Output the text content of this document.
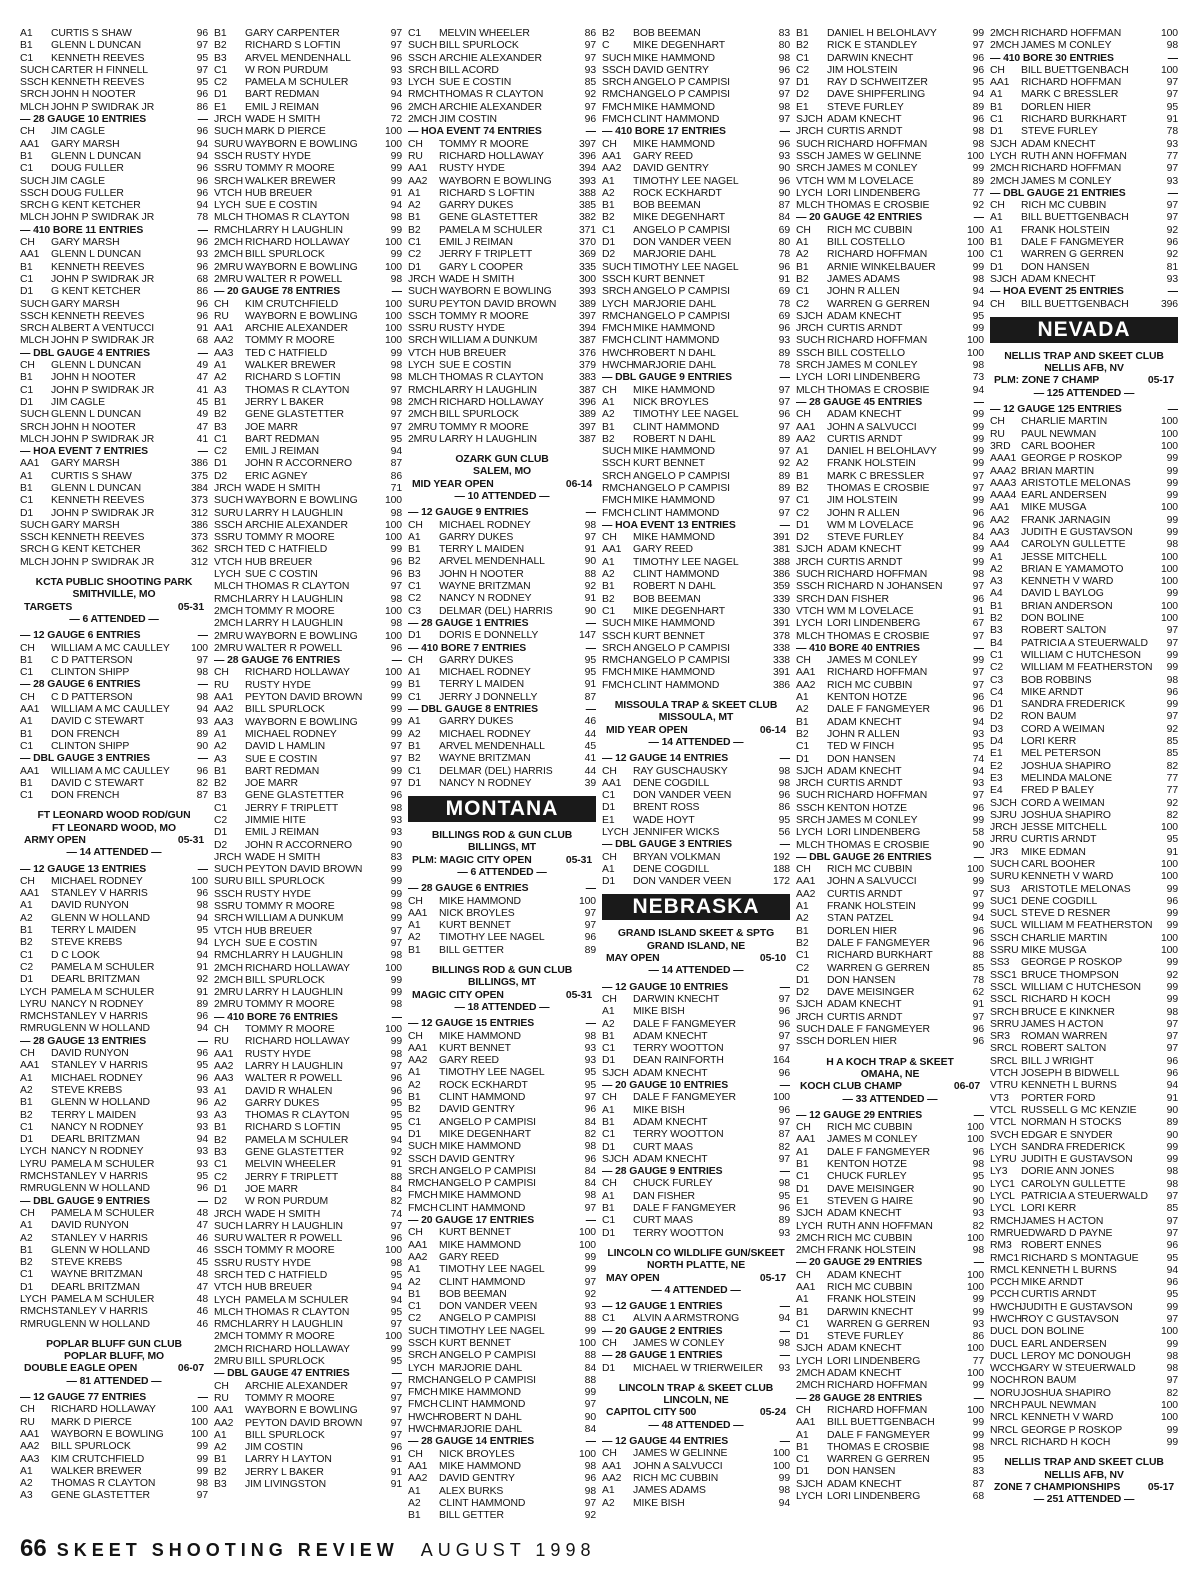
A1	CURTIS S SHAW	96
B1	GLENN L DUNCAN	97
C1	KENNETH REEVES	95
SUCH CARTER H FINNELL	97
SSCH KENNETH REEVES	95
SRCH JOHN H NOOTER	96
MLCH JOHN P SWIDRAK JR	86
— 28 GAUGE 10 ENTRIES	—
CH	JIM CAGLE	96
AA1	GARY MARSH	94
B1	GLENN L DUNCAN	94
C1	DOUG FULLER	96
SUCH JIM CAGLE	96
SSCH DOUG FULLER	96
SRCH G KENT KETCHER	94
MLCH JOHN P SWIDRAK JR	78
— 410 BORE 11 ENTRIES	—
CH	GARY MARSH	96
AA1	GLENN L DUNCAN	93
B1	KENNETH REEVES	96
C1	JOHN P SWIDRAK JR	68
D1	G KENT KETCHER	86
SUCH GARY MARSH	96
SSCH KENNETH REEVES	96
SRCH ALBERT A VENTUCCI	91
MLCH JOHN P SWIDRAK JR	68
— DBL GAUGE 4 ENTRIES	—
CH	GLENN L DUNCAN	49
B1	JOHN H NOOTER	47
C1	JOHN P SWIDRAK JR	41
D1	JIM CAGLE	45
SUCH GLENN L DUNCAN	49
SRCH JOHN H NOOTER	47
MLCH JOHN P SWIDRAK JR	41
— HOA EVENT 7 ENTRIES	—
AA1	GARY MARSH	386
A1	CURTIS S SHAW	375
B1	GLENN L DUNCAN	384
C1	KENNETH REEVES	373
D1	JOHN P SWIDRAK JR	312
SUCH GARY MARSH	386
SSCH KENNETH REEVES	373
SRCH G KENT KETCHER	362
MLCH JOHN P SWIDRAK JR	312
KCTA PUBLIC SHOOTING PARK
SMITHVILLE, MO
TARGETS	05-31
— 6 ATTENDED —
— 12 GAUGE 6 ENTRIES	—
CH	WILLIAM A MC CAULLEY	100
B1	C D PATTERSON	97
C1	CLINTON SHIPP	98
— 28 GAUGE 6 ENTRIES	—
CH	C D PATTERSON	98
AA1	WILLIAM A MC CAULLEY	94
A1	DAVID C STEWART	93
B1	DON FRENCH	89
C1	CLINTON SHIPP	90
— DBL GAUGE 3 ENTRIES	—
AA1	WILLIAM A MC CAULLEY	96
B1	DAVID C STEWART	82
C1	DON FRENCH	87
FT LEONARD WOOD ROD/GUN
FT LEONARD WOOD, MO
ARMY OPEN	05-31
— 14 ATTENDED —
— 12 GAUGE 13 ENTRIES	—
CH	MICHAEL RODNEY	100
AA1	STANLEY V HARRIS	96
A1	DAVID RUNYON	98
A2	GLENN W HOLLAND	94
B1	TERRY L MAIDEN	95
B2	STEVE KREBS	94
C1	D C LOOK	94
C2	PAMELA M SCHULER	91
D1	DEARL BRITZMAN	92
LYCH PAMELA M SCHULER	91
LYRU NANCY N RODNEY	89
RMCH STANLEY V HARRIS	96
RMRU GLENN W HOLLAND	94
— 28 GAUGE 13 ENTRIES	—
CH	DAVID RUNYON	96
AA1	STANLEY V HARRIS	95
A1	MICHAEL RODNEY	96
A2	STEVE KREBS	93
B1	GLENN W HOLLAND	96
B2	TERRY L MAIDEN	93
C1	NANCY N RODNEY	93
D1	DEARL BRITZMAN	94
LYCH NANCY N RODNEY	93
LYRU PAMELA M SCHULER	93
RMCH STANLEY V HARRIS	95
RMRU GLENN W HOLLAND	96
— DBL GAUGE 9 ENTRIES	—
CH	PAMELA M SCHULER	48
A1	DAVID RUNYON	47
A2	STANLEY V HARRIS	46
B1	GLENN W HOLLAND	46
B2	STEVE KREBS	45
C1	WAYNE BRITZMAN	48
D1	DEARL BRITZMAN	47
LYCH PAMELA M SCHULER	48
RMCH STANLEY V HARRIS	46
RMRU GLENN W HOLLAND	46
POPLAR BLUFF GUN CLUB
POPLAR BLUFF, MO
DOUBLE EAGLE OPEN	06-07
— 81 ATTENDED —
— 12 GAUGE 77 ENTRIES	—
CH	RICHARD HOLLAWAY	100
RU	MARK D PIERCE	100
AA1	WAYBORN E BOWLING	100
AA2	BILL SPURLOCK	99
AA3	KIM CRUTCHFIELD	99
A1	WALKER BREWER	99
A2	THOMAS R CLAYTON	98
A3	GENE GLASTETTER	97
B1	GARY CARPENTER	97
B2	RICHARD S LOFTIN	97
B3	ARVEL MENDENHALL	96
C1	W RON PURDUM	93
C2	PAMELA M SCHULER	93
D1	BART REDMAN	94
E1	EMIL J REIMAN	96
JRCH WADE H SMITH	72
SUCH MARK D PIERCE	100
SURU WAYBORN E BOWLING	100
SSCH RUSTY HYDE	99
SSRU TOMMY R MOORE	99
SRCH WALKER BREWER	99
VTCH HUB BREUER	91
LYCH SUE E COSTIN	94
MLCH THOMAS R CLAYTON	98
RMCH LARRY H LAUGHLIN	99
2MCH RICHARD HOLLAWAY	100
2MCH BILL SPURLOCK	99
2MRU WAYBORN E BOWLING	100
2MRU WALTER R POWELL	98
— 20 GAUGE 78 ENTRIES	—
CH	KIM CRUTCHFIELD	100
RU	WAYBORN E BOWLING	100
AA1	ARCHIE ALEXANDER	100
AA2	TOMMY R MOORE	100
AA3	TED C HATFIELD	99
A1	WALKER BREWER	98
A2	RICHARD S LOFTIN	98
A3	THOMAS R CLAYTON	97
B1	JERRY L BAKER	98
B2	GENE GLASTETTER	97
B3	JOE MARR	97
C1	BART REDMAN	95
C2	EMIL J REIMAN	94
D1	JOHN R ACCORNERO	87
D2	ERIC AGNEY	86
JRCH WADE H SMITH	71
SUCH WAYBORN E BOWLING	100
SURU LARRY H LAUGHLIN	98
SSCH ARCHIE ALEXANDER	100
SSRU TOMMY R MOORE	100
SRCH TED C HATFIELD	99
VTCH HUB BREUER	96
LYCH SUE C COSTIN	96
MLCH THOMAS R CLAYTON	97
RMCH LARRY H LAUGHLIN	98
2MCH TOMMY R MOORE	100
2MCH LARRY H LAUGHLIN	98
2MRU WAYBORN E BOWLING	100
2MRU WALTER R POWELL	96
— 28 GAUGE 76 ENTRIES	—
CH	RICHARD HOLLAWAY	100
RU	RUSTY HYDE	99
AA1	PEYTON DAVID BROWN	99
AA2	BILL SPURLOCK	99
AA3	WAYBORN E BOWLING	99
A1	MICHAEL RODNEY	99
A2	DAVID L HAMLIN	97
A3	SUE E COSTIN	97
B1	BART REDMAN	99
B2	JOE MARR	97
B3	GENE GLASTETTER	96
C1	JERRY F TRIPLETT	98
C2	JIMMIE HITE	93
D1	EMIL J REIMAN	93
D2	JOHN R ACCORNERO	90
JRCH WADE H SMITH	83
SUCH PEYTON DAVID BROWN	99
SURU BILL SPURLOCK	99
SSCH RUSTY HYDE	99
SSRU TOMMY R MOORE	98
SRCH WILLIAM A DUNKUM	99
VTCH HUB BREUER	97
LYCH SUE E COSTIN	97
RMCH LARRY H LAUGHLIN	98
2MCH RICHARD HOLLAWAY	100
2MCH BILL SPURLOCK	99
2MRU LARRY H LAUGHLIN	99
2MRU TOMMY R MOORE	98
— 410 BORE 76 ENTRIES	—
CH	TOMMY R MOORE	100
RU	RICHARD HOLLAWAY	99
AA1	RUSTY HYDE	98
AA2	LARRY H LAUGHLIN	97
AA3	WALTER R POWELL	96
A1	DAVID R WHALEN	96
A2	GARRY DUKES	95
A3	THOMAS R CLAYTON	95
B1	RICHARD S LOFTIN	95
B2	PAMELA M SCHULER	94
B3	GENE GLASTETTER	92
C1	MELVIN WHEELER	91
C2	JERRY F TRIPLETT	88
D1	JOE MARR	84
D2	W RON PURDUM	82
JRCH WADE H SMITH	74
SUCH LARRY H LAUGHLIN	97
SURU WALTER R POWELL	96
SSCH TOMMY R MOORE	100
SSRU RUSTY HYDE	98
SRCH TED C HATFIELD	95
VTCH HUB BREUER	94
LYCH PAMELA M SCHULER	94
MLCH THOMAS R CLAYTON	95
RMCH LARRY H LAUGHLIN	97
2MCH TOMMY R MOORE	100
2MCH RICHARD HOLLAWAY	99
2MRU BILL SPURLOCK	95
— DBL GAUGE 47 ENTRIES	—
CH	ARCHIE ALEXANDER	97
RU	TOMMY R MOORE	97
AA1	WAYBORN E BOWLING	97
AA2	PEYTON DAVID BROWN	97
A1	BILL SPURLOCK	97
A2	JIM COSTIN	96
B1	LARRY H LAYTON	91
B2	JERRY L BAKER	91
B3	JIM LIVINGSTON	91
C1	MELVIN WHEELER	86
SUCH BILL SPURLOCK	97
SSCH ARCHIE ALEXANDER	97
SRCH BILL ACORD	93
LYCH SUE E COSTIN	85
RMCH THOMAS R CLAYTON	92
2MCH ARCHIE ALEXANDER	97
2MCH JIM COSTIN	96
— HOA EVENT 74 ENTRIES	—
CH	TOMMY R MOORE	397
RU	RICHARD HOLLAWAY	396
AA1	RUSTY HYDE	394
AA2	WAYBORN E BOWLING	393
A1	RICHARD S LOFTIN	388
A2	GARRY DUKES	385
B1	GENE GLASTETTER	382
B2	PAMELA M SCHULER	371
C1	EMIL J REIMAN	370
C2	JERRY F TRIPLETT	369
D1	GARY L COOPER	335
JRCH WADE H SMITH	300
SUCH WAYBORN E BOWLING	393
SURU PEYTON DAVID BROWN	389
SSCH TOMMY R MOORE	397
SSRU RUSTY HYDE	394
SRCH WILLIAM A DUNKUM	387
VTCH HUB BREUER	376
LYCH SUE E COSTIN	379
MLCH THOMAS R CLAYTON	383
RMCH LARRY H LAUGHLIN	387
2MCH RICHARD HOLLAWAY	396
2MCH BILL SPURLOCK	389
2MRU TOMMY R MOORE	397
2MRU LARRY H LAUGHLIN	387
OZARK GUN CLUB
SALEM, MO
MID YEAR OPEN	06-14
— 10 ATTENDED —
— 12 GAUGE 9 ENTRIES	—
CH	MICHAEL RODNEY	98
A1	GARRY DUKES	97
B1	TERRY L MAIDEN	91
B2	ARVEL MENDENHALL	90
B3	JOHN H NOOTER	88
C1	WAYNE BRITZMAN	92
C2	NANCY N RODNEY	91
C3	DELMAR (DEL) HARRIS	90
— 28 GAUGE 1 ENTRIES	—
D1	DORIS E DONNELLY	147
— 410 BORE 7 ENTRIES	—
CH	GARRY DUKES	95
A1	MICHAEL RODNEY	95
B1	TERRY L MAIDEN	91
C1	JERRY J DONNELLY	87
— DBL GAUGE 8 ENTRIES	—
A1	GARRY DUKES	46
A2	MICHAEL RODNEY	44
B1	ARVEL MENDENHALL	45
B2	WAYNE BRITZMAN	41
C1	DELMAR (DEL) HARRIS	44
D1	NANCY N RODNEY	39
MONTANA
BILLINGS ROD & GUN CLUB
BILLINGS, MT
PLM: MAGIC CITY OPEN	05-31
— 6 ATTENDED —
— 28 GAUGE 6 ENTRIES	—
CH	MIKE HAMMOND	100
AA1	NICK BROYLES	97
A1	KURT BENNET	97
A2	TIMOTHY LEE NAGEL	96
B1	BILL GETTER	89
BILLINGS ROD & GUN CLUB
BILLINGS, MT
MAGIC CITY OPEN	05-31
— 18 ATTENDED —
— 12 GAUGE 15 ENTRIES	—
CH	MIKE HAMMOND	98
AA1	KURT BENNET	93
AA2	GARY REED	93
A1	TIMOTHY LEE NAGEL	95
A2	ROCK ECKHARDT	95
B1	CLINT HAMMOND	97
B2	DAVID GENTRY	96
C1	ANGELO P CAMPISI	84
D1	MIKE DEGENHART	82
SUCH MIKE HAMMOND	98
SSCH DAVID GENTRY	96
SRCH ANGELO P CAMPISI	84
RMCH ANGELO P CAMPISI	84
FMCH MIKE HAMMOND	98
FMCH CLINT HAMMOND	97
— 20 GAUGE 17 ENTRIES	—
CH	KURT BENNET	100
AA1	MIKE HAMMOND	100
AA2	GARY REED	99
A1	TIMOTHY LEE NAGEL	99
A2	CLINT HAMMOND	97
B1	BOB BEEMAN	92
C1	DON VANDER VEEN	93
C2	ANGELO P CAMPISI	88
SUCH TIMOTHY LEE NAGEL	99
SSCH KURT BENNET	100
SRCH ANGELO P CAMPISI	88
LYCH MARJORIE DAHL	84
RMCH ANGELO P CAMPISI	88
FMCH MIKE HAMMOND	99
FMCH CLINT HAMMOND	97
HWCH ROBERT N DAHL	90
HWCH MARJORIE DAHL	84
— 28 GAUGE 14 ENTRIES	—
CH	NICK BROYLES	100
AA1	MIKE HAMMOND	98
AA2	DAVID GENTRY	96
A1	ALEX BURKS	98
A2	CLINT HAMMOND	97
B1	BILL GETTER	92
B2	BOB BEEMAN	83
C	MIKE DEGENHART	80
SUCH MIKE HAMMOND	98
SSCH DAVID GENTRY	96
SRCH ANGELO P CAMPISI	97
RMCH ANGELO P CAMPISI	97
FMCH MIKE HAMMOND	98
FMCH CLINT HAMMOND	97
— 410 BORE 17 ENTRIES	—
CH	MIKE HAMMOND	96
AA1	GARY REED	93
AA2	DAVID GENTRY	90
A1	TIMOTHY LEE NAGEL	96
A2	ROCK ECKHARDT	90
B1	BOB BEEMAN	87
B2	MIKE DEGENHART	84
C1	ANGELO P CAMPISI	69
D1	DON VANDER VEEN	80
D2	MARJORIE DAHL	78
SUCH TIMOTHY LEE NAGEL	96
SSCH KURT BENNET	91
SRCH ANGELO P CAMPISI	69
LYCH MARJORIE DAHL	78
RMCH ANGELO P CAMPISI	69
FMCH MIKE HAMMOND	96
FMCH CLINT HAMMOND	93
HWCH ROBERT N DAHL	89
HWCH MARJORIE DAHL	78
— DBL GAUGE 9 ENTRIES	—
CH	MIKE HAMMOND	97
A1	NICK BROYLES	97
A2	TIMOTHY LEE NAGEL	96
B1	CLINT HAMMOND	97
B2	ROBERT N DAHL	89
SUCH MIKE HAMMOND	97
SSCH KURT BENNET	92
SRCH ANGELO P CAMPISI	89
RMCH ANGELO P CAMPISI	89
FMCH MIKE HAMMOND	97
FMCH CLINT HAMMOND	97
— HOA EVENT 13 ENTRIES	—
CH	MIKE HAMMOND	391
AA1	GARY REED	381
A1	TIMOTHY LEE NAGEL	388
A2	CLINT HAMMOND	386
B1	ROBERT N DAHL	359
B2	BOB BEEMAN	339
C1	MIKE DEGENHART	330
SUCH MIKE HAMMOND	391
SSCH KURT BENNET	378
SRCH ANGELO P CAMPISI	338
RMCH ANGELO P CAMPISI	338
FMCH MIKE HAMMOND	391
FMCH CLINT HAMMOND	386
MISSOULA TRAP & SKEET CLUB
MISSOULA, MT
MID YEAR OPEN	06-14
— 14 ATTENDED —
— 12 GAUGE 14 ENTRIES	—
CH	RAY GUSCHAUSKY	98
AA1	DENE COGDILL	98
C1	DON VANDER VEEN	96
D1	BRENT ROSS	86
E1	WADE HOYT	95
LYCH JENNIFER WICKS	56
— DBL GAUGE 3 ENTRIES	—
CH	BRYAN VOLKMAN	192
A1	DENE COGDILL	188
D1	DON VANDER VEEN	172
NEBRASKA
GRAND ISLAND SKEET & SPTG
GRAND ISLAND, NE
MAY OPEN	05-10
— 14 ATTENDED —
— 12 GAUGE 10 ENTRIES	—
CH	DARWIN KNECHT	97
A1	MIKE BISH	96
A2	DALE F FANGMEYER	96
B1	ADAM KNECHT	97
C1	TERRY WOOTTON	97
D1	DEAN RAINFORTH	164
SJCH ADAM KNECHT	96
— 20 GAUGE 10 ENTRIES	—
CH	DALE F FANGMEYER	100
A1	MIKE BISH	96
B1	ADAM KNECHT	97
C1	TERRY WOOTTON	87
D1	CURT MAAS	82
SJCH ADAM KNECHT	97
— 28 GAUGE 9 ENTRIES	—
CH	CHUCK FURLEY	98
A1	DAN FISHER	95
B1	DALE F FANGMEYER	96
C1	CURT MAAS	89
D1	TERRY WOOTTON	93
LINCOLN CO WILDLIFE GUN/SKEET
NORTH PLATTE, NE
MAY OPEN	05-17
— 4 ATTENDED —
— 12 GAUGE 1 ENTRIES	—
C1	ALVIN A ARMSTRONG	94
— 20 GAUGE 2 ENTRIES	—
CH	JAMES W CONLEY	98
— 28 GAUGE 1 ENTRIES	—
D1	MICHAEL W TRIERWEILER	93
LINCOLN TRAP & SKEET CLUB
LINCOLN, NE
CAPITOL CITY 500	05-24
— 48 ATTENDED —
— 12 GAUGE 44 ENTRIES	—
CH	JAMES W GELINNE	100
AA1	JOHN A SALVUCCI	100
AA2	RICH MC CUBBIN	99
A1	JAMES ADAMS	98
A2	MIKE BISH	94
B1	DANIEL H BELOHLAVY	99
B2	RICK E STANDLEY	97
C1	DARWIN KNECHT	96
C2	JIM HOLSTEIN	96
D1	RAY D SCHWEITZER	95
D2	DAVE SHIPFERLING	94
E1	STEVE FURLEY	89
SJCH ADAM KNECHT	96
JRCH CURTIS ARNDT	98
SUCH RICHARD HOFFMAN	98
SSCH JAMES W GELINNE	100
SRCH JAMES M CONLEY	99
VTCH WM M LOVELACE	89
LYCH LORI LINDENBERG	77
MLCH THOMAS E CROSBIE	92
— 20 GAUGE 42 ENTRIES	—
CH	RICH MC CUBBIN	100
A1	BILL COSTELLO	100
A2	RICHARD HOFFMAN	100
B1	ARNIE WINKELBAUER	99
B2	JAMES ADAMS	98
C1	JOHN R ALLEN	94
C2	WARREN G GERREN	94
SJCH ADAM KNECHT	95
JRCH CURTIS ARNDT	99
SUCH RICHARD HOFFMAN	100
SSCH BILL COSTELLO	100
SRCH JAMES M CONLEY	98
LYCH LORI LINDENBERG	73
MLCH THOMAS E CROSBIE	94
— 28 GAUGE 45 ENTRIES	—
CH	ADAM KNECHT	99
AA1	JOHN A SALVUCCI	99
AA2	CURTIS ARNDT	99
A1	DANIEL H BELOHLAVY	99
A2	FRANK HOLSTEIN	99
B1	MARK C BRESSLER	97
B2	THOMAS E CROSBIE	97
C1	JIM HOLSTEIN	99
C2	JOHN R ALLEN	96
D1	WM M LOVELACE	96
D2	STEVE FURLEY	84
SJCH ADAM KNECHT	99
JRCH CURTIS ARNDT	99
SUCH RICHARD HOFFMAN	98
SSCH RICHARD N JOHANSEN	97
SRCH DAN FISHER	96
VTCH WM M LOVELACE	91
LYCH LORI LINDENBERG	67
MLCH THOMAS E CROSBIE	97
— 410 BORE 40 ENTRIES	—
CH	JAMES M CONLEY	99
AA1	RICHARD HOFFMAN	97
AA2	RICH MC CUBBIN	97
A1	KENTON HOTZE	96
A2	DALE F FANGMEYER	96
B1	ADAM KNECHT	94
B2	JOHN R ALLEN	93
C1	TED W FINCH	95
D1	DON HANSEN	74
SJCH ADAM KNECHT	94
JRCH CURTIS ARNDT	93
SUCH RICHARD HOFFMAN	97
SSCH KENTON HOTZE	96
SRCH JAMES M CONLEY	99
LYCH LORI LINDENBERG	58
MLCH THOMAS E CROSBIE	90
— DBL GAUGE 26 ENTRIES	—
CH	RICH MC CUBBIN	100
AA1	JOHN A SALVUCCI	99
AA2	CURTIS ARNDT	97
A1	FRANK HOLSTEIN	99
A2	STAN PATZEL	94
B1	DORLEN HIER	96
B2	DALE F FANGMEYER	96
C1	RICHARD BURKHART	88
C2	WARREN G GERREN	85
D1	DON HANSEN	78
D2	DAVE MEISINGER	62
SJCH ADAM KNECHT	91
JRCH CURTIS ARNDT	97
SUCH DALE F FANGMEYER	96
SSCH DORLEN HIER	96
H A KOCH TRAP & SKEET
OMAHA, NE
KOCH CLUB CHAMP	06-07
— 33 ATTENDED —
— 12 GAUGE 29 ENTRIES	—
CH	RICH MC CUBBIN	100
AA1	JAMES M CONLEY	100
A1	DALE F FANGMEYER	96
B1	KENTON HOTZE	98
C1	CHUCK FURLEY	95
D1	DAVE MEISINGER	90
E1	STEVEN G HAIRE	90
SJCH ADAM KNECHT	93
LYCH RUTH ANN HOFFMAN	82
2MCH RICH MC CUBBIN	100
2MCH FRANK HOLSTEIN	98
— 20 GAUGE 29 ENTRIES	—
CH	ADAM KNECHT	100
AA1	RICH MC CUBBIN	100
A1	FRANK HOLSTEIN	99
B1	DARWIN KNECHT	99
C1	WARREN G GERREN	93
D1	STEVE FURLEY	86
SJCH ADAM KNECHT	100
LYCH LORI LINDENBERG	77
2MCH ADAM KNECHT	100
2MCH RICHARD HOFFMAN	99
— 28 GAUGE 28 ENTRIES	—
CH	RICHARD HOFFMAN	100
AA1	BILL BUETTGENBACH	99
A1	DALE F FANGMEYER	99
B1	THOMAS E CROSBIE	98
C1	WARREN G GERREN	95
D1	DON HANSEN	83
SJCH ADAM KNECHT	87
LYCH LORI LINDENBERG	68
2MCH RICHARD HOFFMAN	100
2MCH JAMES M CONLEY	98
— 410 BORE 30 ENTRIES	—
CH	BILL BUETTGENBACH	100
AA1	RICHARD HOFFMAN	97
A1	MARK C BRESSLER	97
B1	DORLEN HIER	95
C1	RICHARD BURKHART	91
D1	STEVE FURLEY	78
SJCH ADAM KNECHT	93
LYCH RUTH ANN HOFFMAN	77
2MCH RICHARD HOFFMAN	97
2MCH JAMES M CONLEY	93
— DBL GAUGE 21 ENTRIES	—
CH	RICH MC CUBBIN	97
A1	BILL BUETTGENBACH	97
A1	FRANK HOLSTEIN	92
B1	DALE F FANGMEYER	96
C1	WARREN G GERREN	92
D1	DON HANSEN	81
SJCH ADAM KNECHT	93
— HOA EVENT 25 ENTRIES	—
CH	BILL BUETTGENBACH	396
NEVADA
NELLIS TRAP AND SKEET CLUB
NELLIS AFB, NV
PLM: ZONE 7 CHAMP	05-17
— 125 ATTENDED —
— 12 GAUGE 125 ENTRIES	—
CH	CHARLIE MARTIN	100
RU	PAUL NEWMAN	100
3RD	CARL BOOHER	100
AAA1 GEORGE P ROSKOP	99
AAA2 BRIAN MARTIN	99
AAA3 ARISTOTLE MELONAS	99
AAA4 EARL ANDERSEN	99
AA1	MIKE MUSGA	100
AA2	FRANK JARNAGIN	99
AA3	JUDITH E GUSTAVSON	99
AA4	CAROLYN GULLETTE	98
A1	JESSE MITCHELL	100
A2	BRIAN E YAMAMOTO	100
A3	KENNETH V WARD	100
A4	DAVID L BAYLOG	99
B1	BRIAN ANDERSON	100
B2	DON BOLINE	100
B3	ROBERT SALTON	97
B4	PATRICIA A STEUERWALD	97
C1	WILLIAM C HUTCHESON	99
C2	WILLIAM M FEATHERSTON	99
C3	BOB ROBBINS	98
C4	MIKE ARNDT	96
D1	SANDRA FREDERICK	99
D2	RON BAUM	97
D3	CORD A WEIMAN	92
D4	LORI KERR	85
E1	MEL PETERSON	85
E2	JOSHUA SHAPIRO	82
E3	MELINDA MALONE	77
E4	FRED P BALEY	77
SJCH CORD A WEIMAN	92
SJRU JOSHUA SHAPIRO	82
JRCH JESSE MITCHELL	100
JRRU CURTIS ARNDT	95
JR3	MIKE EDMAN	91
SUCH CARL BOOHER	100
SURU KENNETH V WARD	100
SU3	ARISTOTLE MELONAS	99
SUC1 DENE COGDILL	96
SUCL STEVE D RESNER	99
SUCL WILLIAM M FEATHERSTON	99
SSCH CHARLIE MARTIN	100
SSRU MIKE MUSGA	100
SS3	GEORGE P ROSKOP	99
SSC1 BRUCE THOMPSON	92
SSCL WILLIAM C HUTCHESON	99
SSCL RICHARD H KOCH	99
SRCH BRUCE E KINKNER	98
SRRU JAMES H ACTON	97
SR3	ROMAN WARREN	97
SRCL ROBERT SALTON	97
SRCL BILL J WRIGHT	96
VTCH JOSEPH B BIDWELL	96
VTRU KENNETH L BURNS	94
VT3	PORTER FORD	91
VTCL RUSSELL G MC KENZIE	90
VTCL NORMAN H STOCKS	89
SVCH EDGAR E SNYDER	90
LYCH SANDRA FREDERICK	99
LYRU JUDITH E GUSTAVSON	99
LY3	DORIE ANN JONES	98
LYC1 CAROLYN GULLETTE	98
LYCL PATRICIA A STEUERWALD	97
LYCL LORI KERR	85
RMCH JAMES H ACTON	97
RMRU EDWARD D PAYNE	97
RM3 ROBERT ENNES	96
RMC1 RICHARD S MONTAGUE	95
RMCL KENNETH L BURNS	94
PCCH MIKE ARNDT	96
PCCH CURTIS ARNDT	95
HWCH JUDITH E GUSTAVSON	99
HWCH ROY C GUSTAVSON	97
DUCL DON BOLINE	100
DUCL EARL ANDERSEN	99
DUCL LEROY MC DONOUGH	98
WCCH GARY W STEUERWALD	98
NOCH RON BAUM	97
NORU JOSHUA SHAPIRO	82
NRCH PAUL NEWMAN	100
NRCL KENNETH V WARD	100
NRCL GEORGE P ROSKOP	99
NRCL RICHARD H KOCH	99
NELLIS TRAP AND SKEET CLUB
NELLIS AFB, NV
ZONE 7 CHAMPIONSHIPS	05-17
— 251 ATTENDED —
66 SKEET SHOOTING REVIEW AUGUST 1998
